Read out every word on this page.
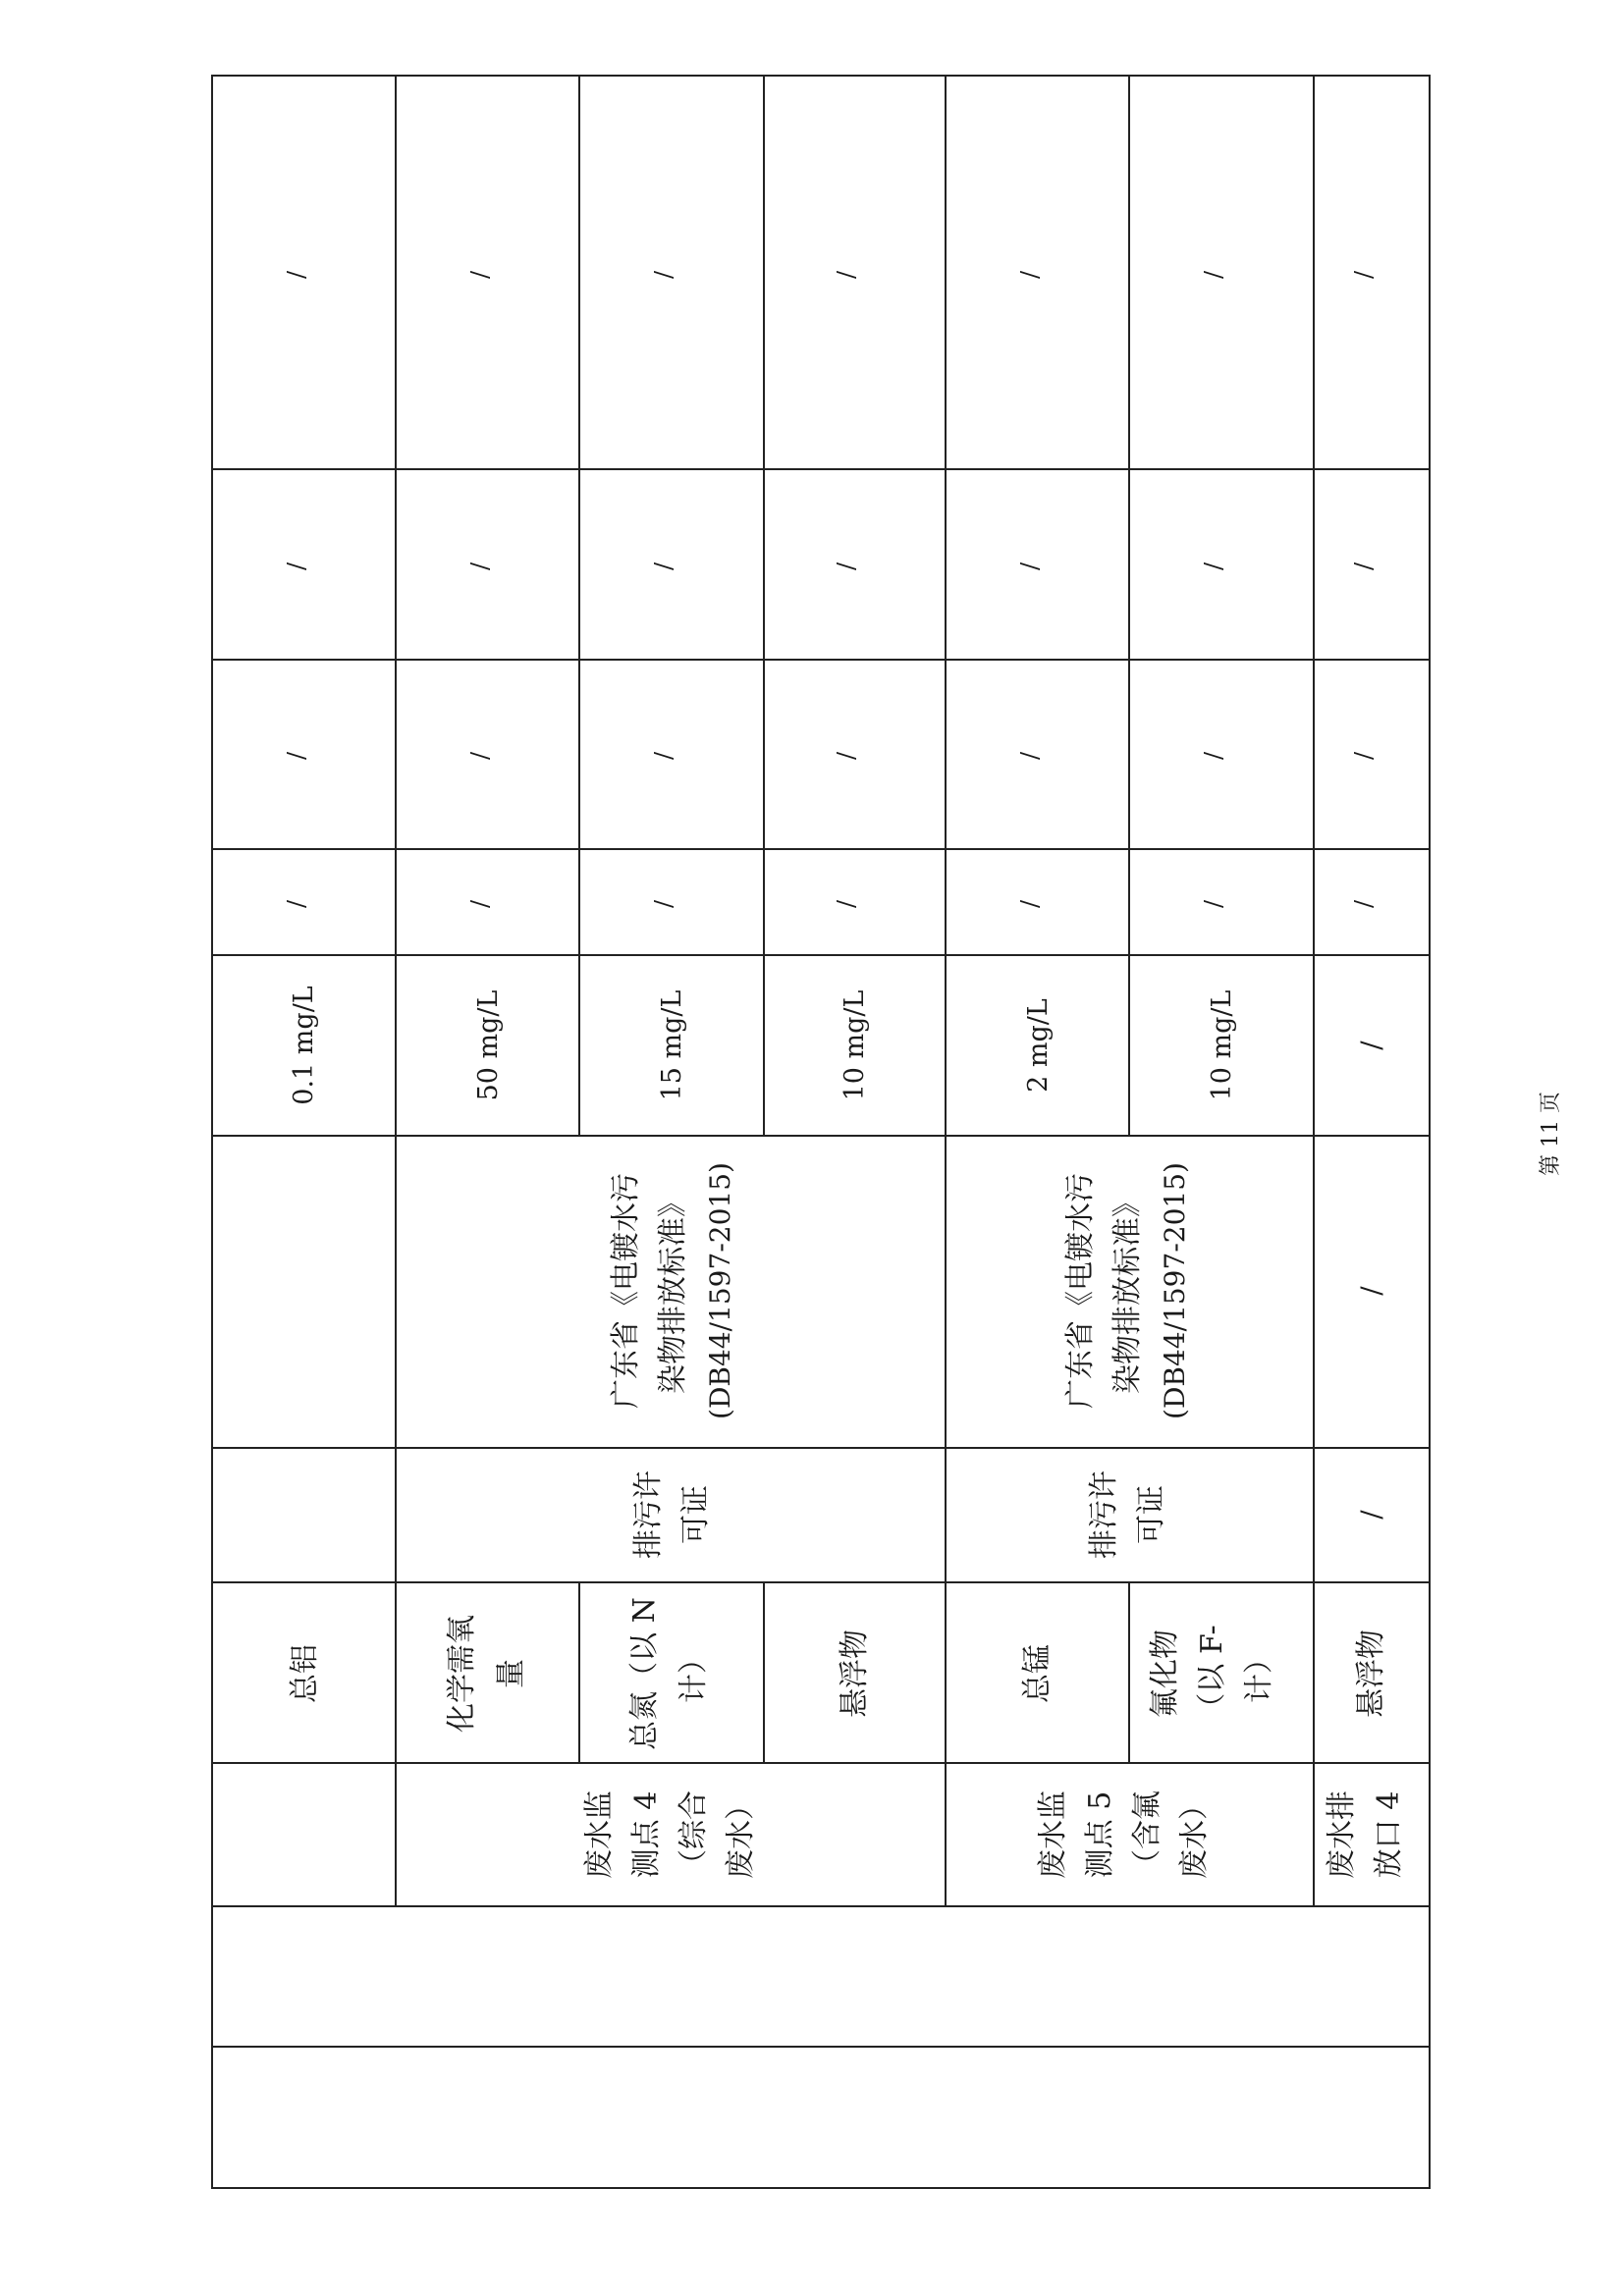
/
/
/
/
0.1 mg/L
总铝
/
/
/
/
50 mg/L
化学需氧 量
/
/
/
/
15 mg/L
总氮（以 N 计）
/
/
/
/
10 mg/L
悬浮物
广东省《电镀水污 染物排放标准》 (DB44/1597-2015)
排污许 可证
废水监 测点 4 （综合 废水）
/
/
/
/
2 mg/L
总锰
/
/
/
/
10 mg/L
氟化物 （以 F- 计）
广东省《电镀水污 染物排放标准》 (DB44/1597-2015)
排污许 可证
废水监 测点 5 （含氟 废水）
/
/
/
/
/
/
/
悬浮物
废水排 放口 4
第 11 页
